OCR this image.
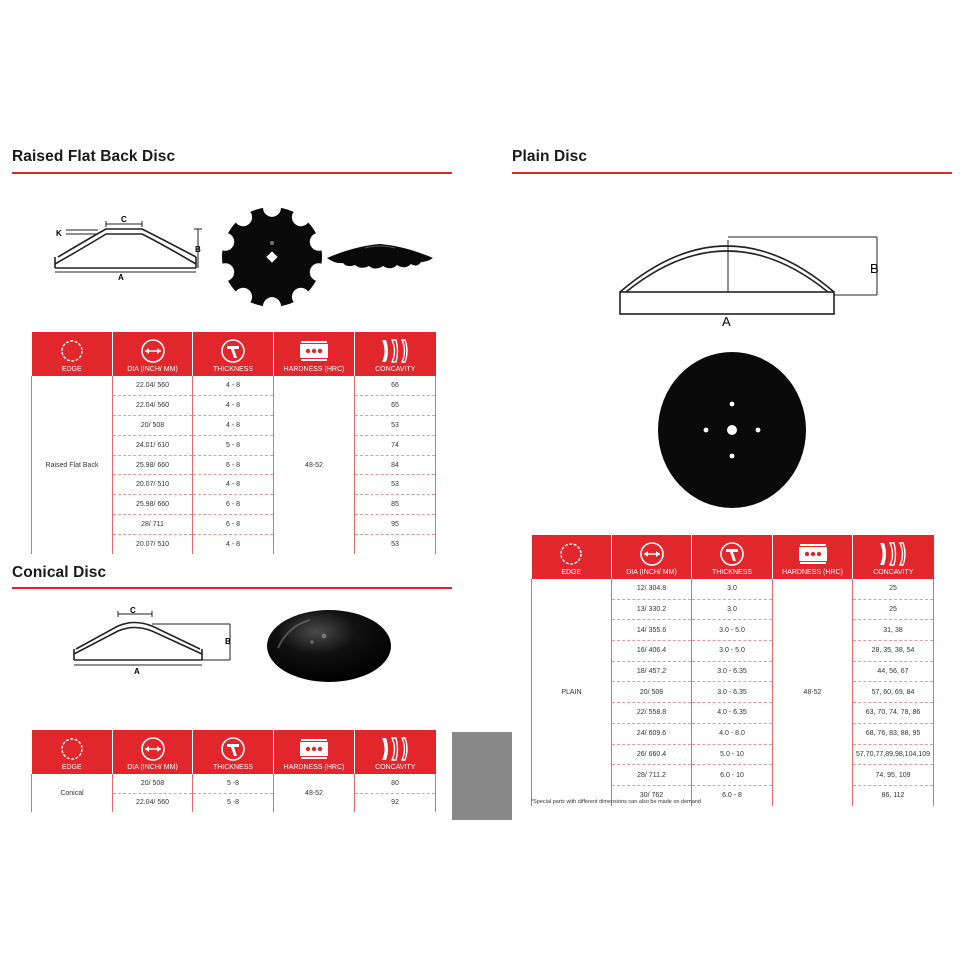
Raised Flat Back Disc
K
C
B
A
EDGE	DIA (INCH/ MM)	THICKNESS	HARDNESS (HRC)	CONCAVITY

Raised Flat Back	22.04/ 560	4 - 8	48-52	66
	22.04/ 560	4 - 8		65
	20/ 508	4 - 8		53
	24.01/ 610	5 - 8		74
	25.98/ 660	6 - 8		84
	20.07/ 510	4 - 8		53
	25.98/ 660	6 - 8		85
	28/ 711	6 - 8		95
	20.07/ 510	4 - 8		53
Conical Disc
C
B
A
EDGE	DIA (INCH/ MM)	THICKNESS	HARDNESS (HRC)	CONCAVITY

Conical	20/ 508	5 -8	48-52	80
	22.04/ 560	5 -8		92
Plain Disc
B
A
EDGE	DIA (INCH/ MM)	THICKNESS	HARDNESS (HRC)	CONCAVITY

PLAIN	12/ 304.8	3.0	48-52	25
	13/ 330.2	3.0		25
	14/ 355.6	3.0 - 5.0		31, 38
	16/ 406.4	3.0 - 5.0		28, 35, 38, 54
	18/ 457.2	3.0 - 6.35		44, 56, 67
	20/ 508	3.0 - 6.35		57, 60, 69, 84
	22/ 558.8	4.0 - 6.35		63, 70, 74, 78, 86
	24/ 609.6	4.0 - 8.0		68, 76, 83, 88, 95
	26/ 660.4	5.0 - 10		57,70,77,89,98,104,109
	28/ 711.2	6.0 - 10		74, 95, 109
	30/ 762	6.0 - 8		86, 112
*Special parts with different dimensions can also be made on demand
